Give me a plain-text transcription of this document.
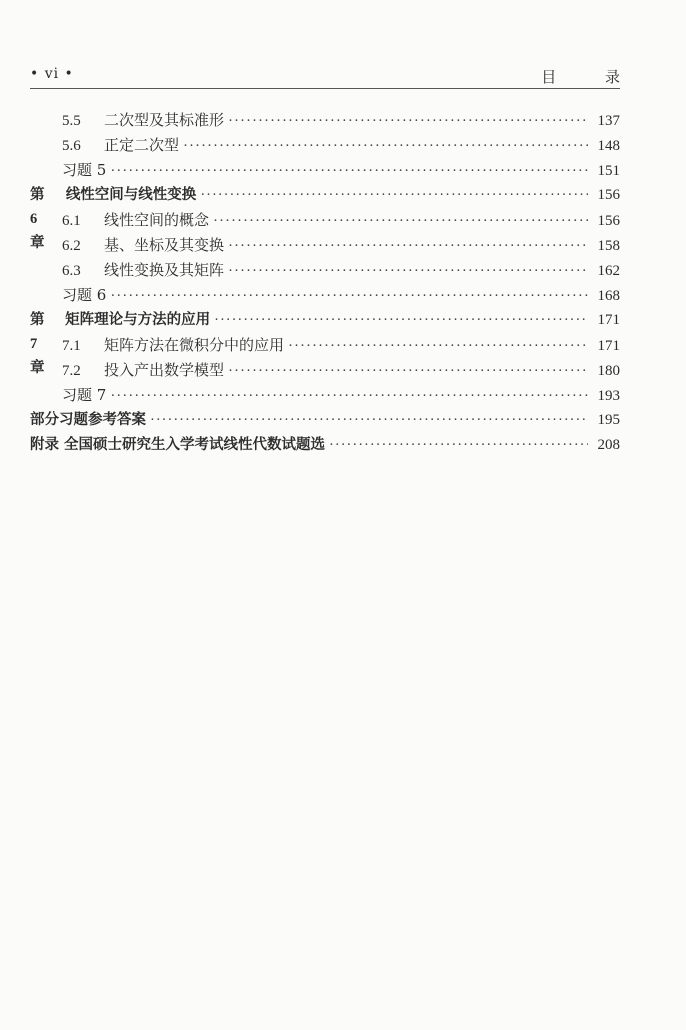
• vi •	目 录
5.5	二次型及其标准形 ·····	137
5.6	正定二次型 ·····	148
习题 5 ·····	151
第 6 章
线性空间与线性变换 ·····	156
6.1	线性空间的概念 ·····	156
6.2	基、坐标及其变换 ·····	158
6.3	线性变换及其矩阵 ·····	162
习题 6 ·····	168
第 7 章
矩阵理论与方法的应用 ·····	171
7.1	矩阵方法在微积分中的应用 ·····	171
7.2	投入产出数学模型 ·····	180
习题 7 ·····	193
部分习题参考答案 ·····	195
附录 全国硕士研究生入学考试线性代数试题选 ·····	208
